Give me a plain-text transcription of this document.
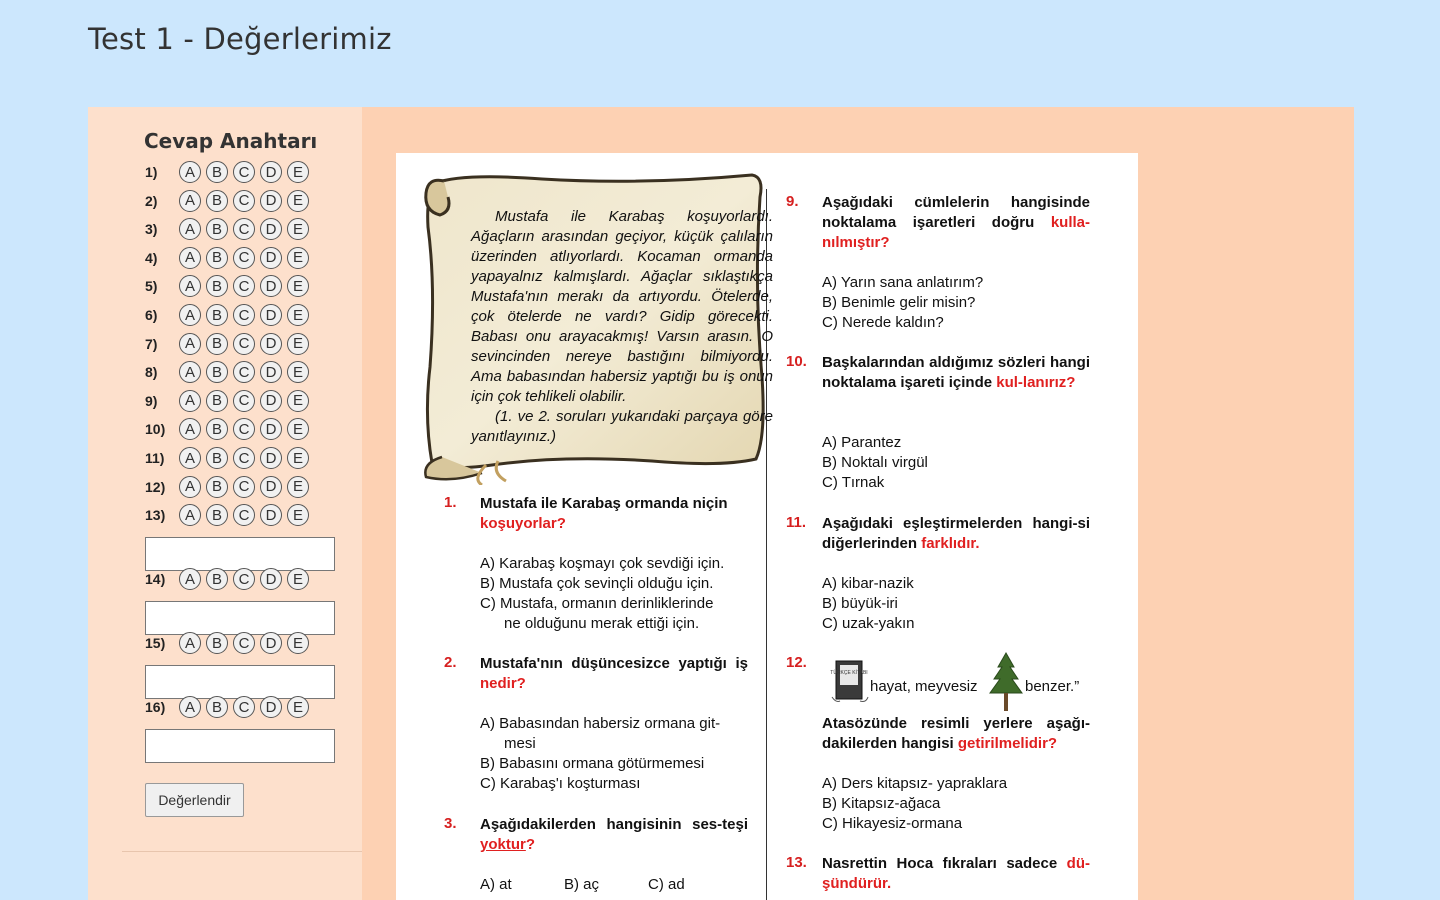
Test 1 - Değerlerimiz
Cevap Anahtarı
1)	A	B	C	D	E
2)	A	B	C	D	E
3)	A	B	C	D	E
4)	A	B	C	D	E
5)	A	B	C	D	E
6)	A	B	C	D	E
7)	A	B	C	D	E
8)	A	B	C	D	E
9)	A	B	C	D	E
10)	A	B	C	D	E
11)	A	B	C	D	E
12)	A	B	C	D	E
13)	A	B	C	D	E
14)	A	B	C	D	E
15)	A	B	C	D	E
16)	A	B	C	D	E
Değerlendir
Mustafa ile Karabaş koşuyorlardı. Ağaçların arasından geçiyor, küçük çalıların üzerinden atlıyorlardı. Kocaman ormanda yapayalnız kalmışlardı. Ağaçlar sıklaştıkça Mustafa'nın merakı da artıyordu. Ötelerde, çok ötelerde ne vardı? Gidip görecekti. Babası onu arayacakmış! Varsın arasın. O sevincinden nereye bastığını bilmiyordu. Ama babasından habersiz yaptığı bu iş onun için çok tehlikeli olabilir.
(1. ve 2. soruları yukarıdaki parçaya göre yanıtlayınız.)
1. Mustafa ile Karabaş ormanda niçin
koşuyorlar?
A) Karabaş koşmayı çok sevdiği için.
B) Mustafa çok sevinçli olduğu için.
C) Mustafa, ormanın derinliklerinde
ne olduğunu merak ettiği için.
2. Mustafa'nın düşüncesizce yaptığı iş nedir?
A) Babasından habersiz ormana git-
mesi
B) Babasını ormana götürmemesi
C) Karabaş'ı koşturması
3. Aşağıdakilerden hangisinin ses-teşi yoktur?
A) at	B) aç	C) ad
9. Aşağıdaki cümlelerin hangisinde noktalama işaretleri doğru kulla-nılmıştır?
A) Yarın sana anlatırım?
B) Benimle gelir misin?
C) Nerede kaldın?
10. Başkalarından aldığımız sözleri hangi noktalama işareti içinde kul-lanırız?
A) Parantez
B) Noktalı virgül
C) Tırnak
11. Aşağıdaki eşleştirmelerden hangi-si diğerlerinden farklıdır.
A) kibar-nazik
B) büyük-iri
C) uzak-yakın
12.
TÜRKÇE KİTABI
hayat, meyvesiz	benzer.”
Atasözünde resimli yerlere aşağı-dakilerden hangisi getirilmelidir?
A) Ders kitapsız- yapraklara
B) Kitapsız-ağaca
C) Hikayesiz-ormana
13. Nasrettin Hoca fıkraları sadece dü-şündürür.
